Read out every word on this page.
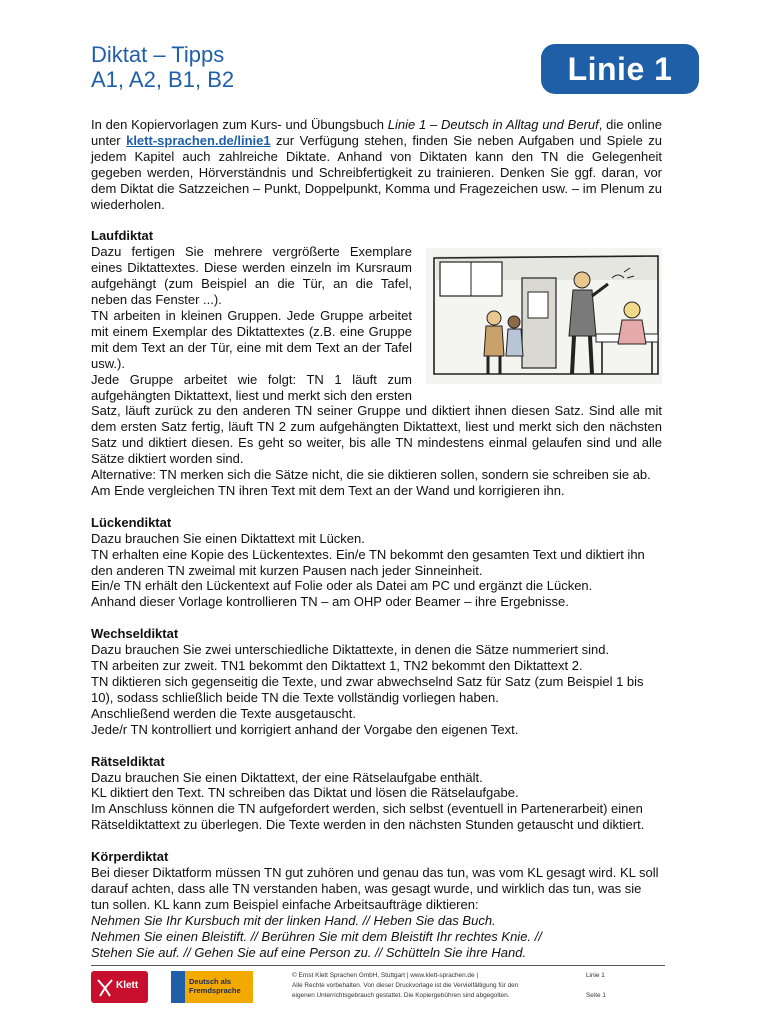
Diktat – Tipps
A1, A2, B1, B2	Linie 1

In den Kopiervorlagen zum Kurs- und Übungsbuch Linie 1 – Deutsch in Alltag und Beruf, die online unter klett-sprachen.de/linie1 zur Verfügung stehen, finden Sie neben Aufgaben und Spiele zu jedem Kapitel auch zahlreiche Diktate. Anhand von Diktaten kann den TN die Gelegenheit gegeben werden, Hörverständnis und Schreibfertigkeit zu trainieren. Denken Sie ggf. daran, vor dem Diktat die Satzzeichen – Punkt, Doppelpunkt, Komma und Fragezeichen usw. – im Plenum zu wiederholen.

Laufdiktat

Dazu fertigen Sie mehrere vergrößerte Exemplare eines Diktattextes. Diese werden einzeln im Kursraum aufgehängt (zum Beispiel an die Tür, an die Tafel, neben das Fenster ...).

TN arbeiten in kleinen Gruppen. Jede Gruppe arbeitet mit einem Exemplar des Diktattextes (z.B. eine Gruppe mit dem Text an der Tür, eine mit dem Text an der Tafel usw.).

Jede Gruppe arbeitet wie folgt: TN 1 läuft zum aufgehängten Diktattext, liest und merkt sich den ersten Satz, läuft zurück zu den anderen TN seiner Gruppe und diktiert ihnen diesen Satz. Sind alle mit dem ersten Satz fertig, läuft TN 2 zum aufgehängten Diktattext, liest und merkt sich den nächsten Satz und diktiert diesen. Es geht so weiter, bis alle TN mindestens einmal gelaufen sind und alle Sätze diktiert worden sind.

Alternative: TN merken sich die Sätze nicht, die sie diktieren sollen, sondern sie schreiben sie ab.

Am Ende vergleichen TN ihren Text mit dem Text an der Wand und korrigieren ihn.

Lückendiktat

Dazu brauchen Sie einen Diktattext mit Lücken.

TN erhalten eine Kopie des Lückentextes. Ein/e TN bekommt den gesamten Text und diktiert ihn den anderen TN zweimal mit kurzen Pausen nach jeder Sinneinheit.

Ein/e TN erhält den Lückentext auf Folie oder als Datei am PC und ergänzt die Lücken.

Anhand dieser Vorlage kontrollieren TN – am OHP oder Beamer – ihre Ergebnisse.

Wechseldiktat

Dazu brauchen Sie zwei unterschiedliche Diktattexte, in denen die Sätze nummeriert sind.

TN arbeiten zur zweit. TN1 bekommt den Diktattext 1, TN2 bekommt den Diktattext 2.

TN diktieren sich gegenseitig die Texte, und zwar abwechselnd Satz für Satz (zum Beispiel 1 bis 10), sodass schließlich beide TN die Texte vollständig vorliegen haben.

Anschließend werden die Texte ausgetauscht.

Jede/r TN kontrolliert und korrigiert anhand der Vorgabe den eigenen Text.

Rätseldiktat

Dazu brauchen Sie einen Diktattext, der eine Rätselaufgabe enthält.

KL diktiert den Text. TN schreiben das Diktat und lösen die Rätselaufgabe.

Im Anschluss können die TN aufgefordert werden, sich selbst (eventuell in Partenerarbeit) einen Rätseldiktattext zu überlegen. Die Texte werden in den nächsten Stunden getauscht und diktiert.

Körperdiktat

Bei dieser Diktatform müssen TN gut zuhören und genau das tun, was vom KL gesagt wird. KL soll darauf achten, dass alle TN verstanden haben, was gesagt wurde, und wirklich das tun, was sie tun sollen. KL kann zum Beispiel einfache Arbeitsaufträge diktieren:

Nehmen Sie Ihr Kursbuch mit der linken Hand. // Heben Sie das Buch.

Nehmen Sie einen Bleistift. // Berühren Sie mit dem Bleistift Ihr rechtes Knie. //

Stehen Sie auf. // Gehen Sie auf eine Person zu. // Schütteln Sie ihre Hand.

Klett	Deutsch als
Fremdsprache
© Ernst Klett Sprachen GmbH, Stuttgart | www.klett-sprachen.de |
Alle Rechte vorbehalten. Von dieser Druckvorlage ist die Vervielfältigung für den
eigenen Unterrichtsgebrauch gestattet. Die Kopiergebühren sind abgegolten.
Linie 1
Seite 1
